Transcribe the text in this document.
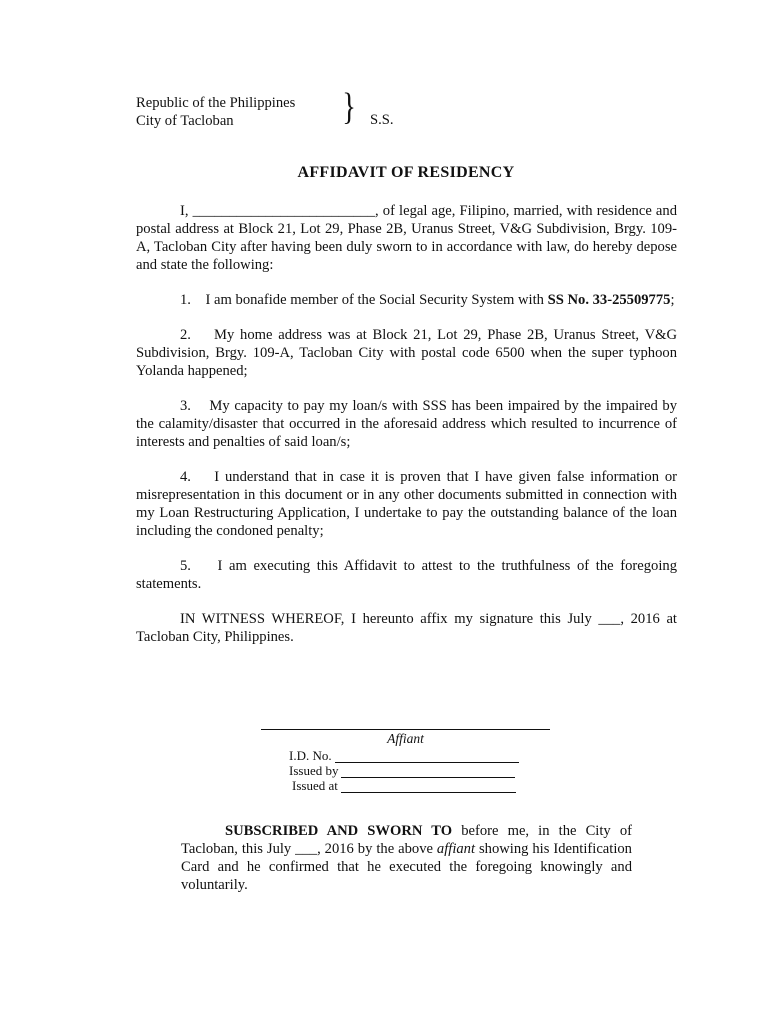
Republic of the Philippines
City of Tacloban	} S.S.
AFFIDAVIT OF RESIDENCY

I, _________________________, of legal age, Filipino, married, with residence and postal address at Block 21, Lot 29, Phase 2B, Uranus Street, V&G Subdivision, Brgy. 109-A, Tacloban City after having been duly sworn to in accordance with law, do hereby depose and state the following:

1.    I am bonafide member of the Social Security System with SS No. 33-25509775;

2.    My home address was at Block 21, Lot 29, Phase 2B, Uranus Street, V&G Subdivision, Brgy. 109-A, Tacloban City with postal code 6500 when the super typhoon Yolanda happened;

3.    My capacity to pay my loan/s with SSS has been impaired by the impaired by the calamity/disaster that occurred in the aforesaid address which resulted to incurrence of interests and penalties of said loan/s;

4.    I understand that in case it is proven that I have given false information or misrepresentation in this document or in any other documents submitted in connection with my Loan Restructuring Application, I undertake to pay the outstanding balance of the loan including the condoned penalty;

5.    I am executing this Affidavit to attest to the truthfulness of the foregoing statements.

IN WITNESS WHEREOF, I hereunto affix my signature this July ___, 2016 at Tacloban City, Philippines.

Affiant
I.D. No.
Issued by
Issued at
SUBSCRIBED AND SWORN TO before me, in the City of Tacloban, this July ___, 2016 by the above affiant showing his Identification Card and he confirmed that he executed the foregoing knowingly and voluntarily.
